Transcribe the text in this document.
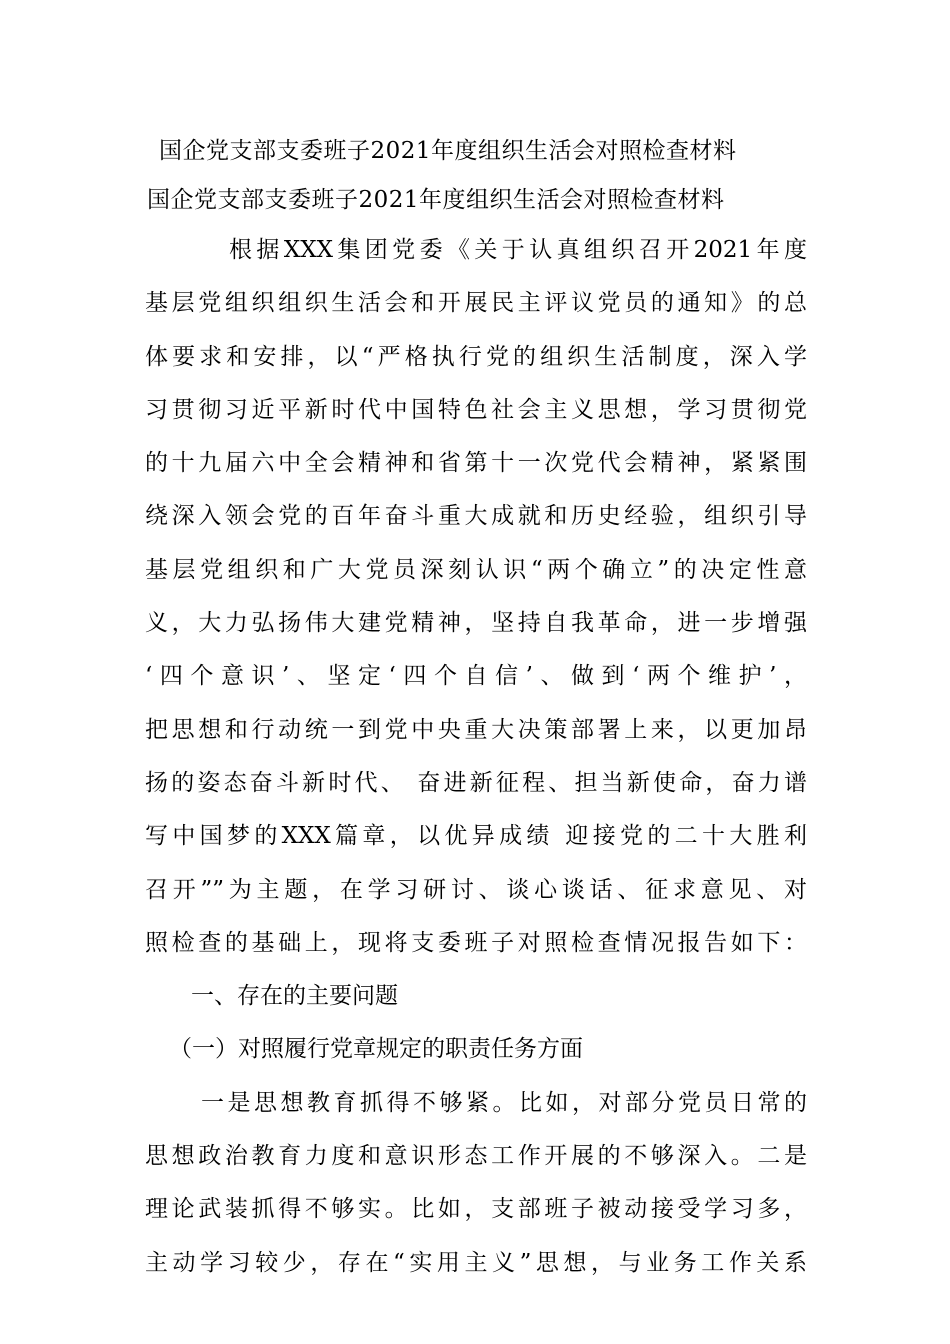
国企党支部支委班子2021年度组织生活会对照检查材料
国企党支部支委班子2021年度组织生活会对照检查材料
根据XXX集团党委《关于认真组织召开2021年度
基层党组织组织生活会和开展民主评议党员的通知》的总
体要求和安排，以“严格执行党的组织生活制度，深入学
习贯彻习近平新时代中国特色社会主义思想，学习贯彻党
的十九届六中全会精神和省第十一次党代会精神，紧紧围
绕深入领会党的百年奋斗重大成就和历史经验，组织引导
基层党组织和广大党员深刻认识“两个确立”的决定性意
义，大力弘扬伟大建党精神，坚持自我革命，进一步增强
‘四个意识’、坚定‘四个自信’、做到‘两个维护’，
把思想和行动统一到党中央重大决策部署上来，以更加昂
扬的姿态奋斗新时代、 奋进新征程、担当新使命，奋力谱
写中国梦的XXX篇章，以优异成绩 迎接党的二十大胜利
召开””为主题，在学习研讨、谈心谈话、征求意见、对
照检查的基础上，现将支委班子对照检查情况报告如下：
一、存在的主要问题
（一）对照履行党章规定的职责任务方面
一是思想教育抓得不够紧。比如，对部分党员日常的
思想政治教育力度和意识形态工作开展的不够深入。二是
理论武装抓得不够实。比如，支部班子被动接受学习多，
主动学习较少，存在“实用主义”思想，与业务工作关系
